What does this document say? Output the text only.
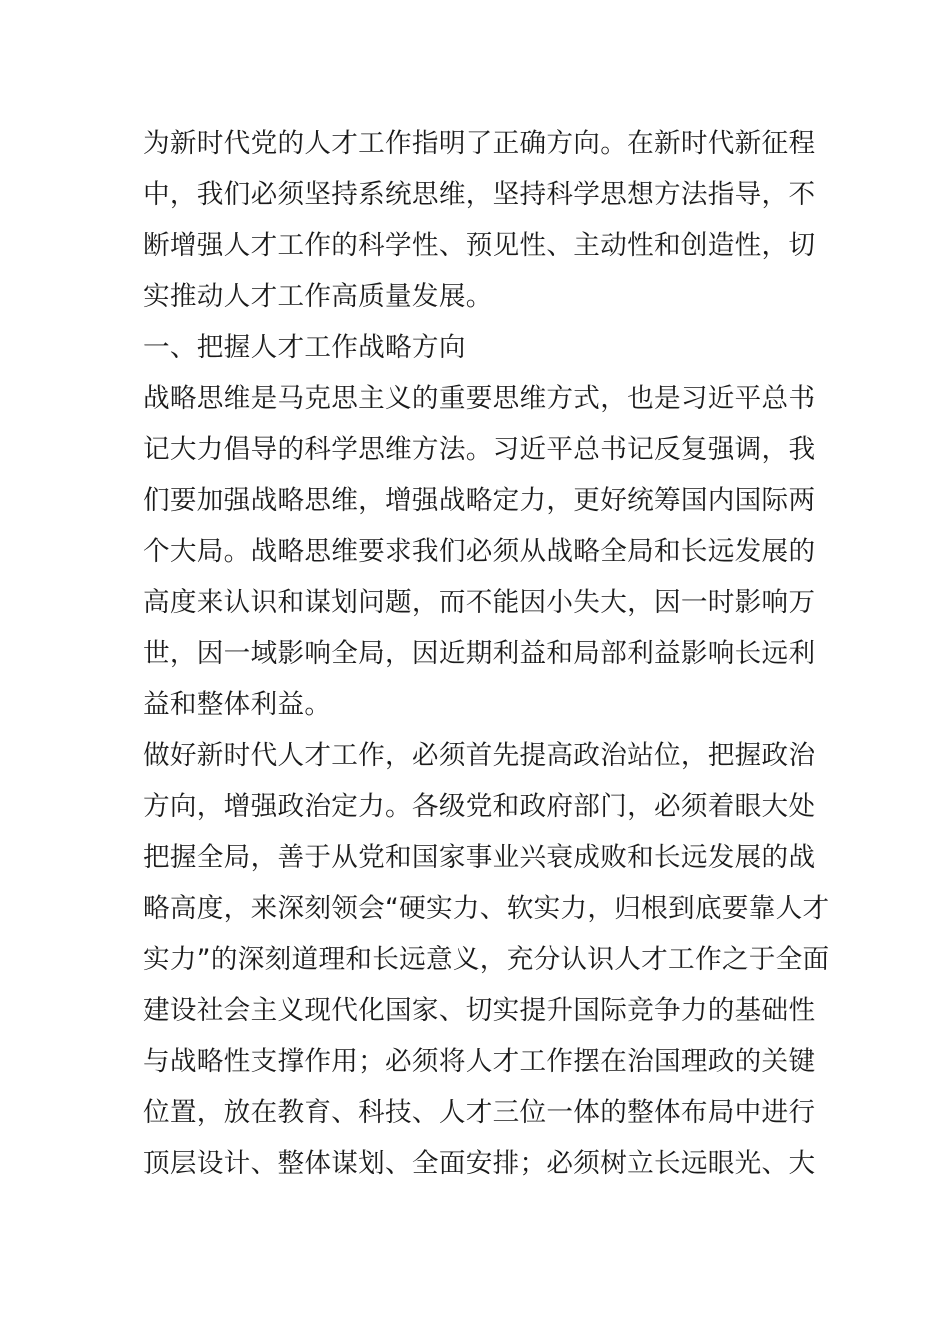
为新时代党的人才工作指明了正确方向。在新时代新征程
中，我们必须坚持系统思维，坚持科学思想方法指导，不
断增强人才工作的科学性、预见性、主动性和创造性，切
实推动人才工作高质量发展。
一、把握人才工作战略方向
战略思维是马克思主义的重要思维方式，也是习近平总书
记大力倡导的科学思维方法。习近平总书记反复强调，我
们要加强战略思维，增强战略定力，更好统筹国内国际两
个大局。战略思维要求我们必须从战略全局和长远发展的
高度来认识和谋划问题，而不能因小失大，因一时影响万
世，因一域影响全局，因近期利益和局部利益影响长远利
益和整体利益。
做好新时代人才工作，必须首先提高政治站位，把握政治
方向，增强政治定力。各级党和政府部门，必须着眼大处
把握全局，善于从党和国家事业兴衰成败和长远发展的战
略高度，来深刻领会“硬实力、软实力，归根到底要靠人才
实力”的深刻道理和长远意义，充分认识人才工作之于全面
建设社会主义现代化国家、切实提升国际竞争力的基础性
与战略性支撑作用；必须将人才工作摆在治国理政的关键
位置，放在教育、科技、人才三位一体的整体布局中进行
顶层设计、整体谋划、全面安排；必须树立长远眼光、大
